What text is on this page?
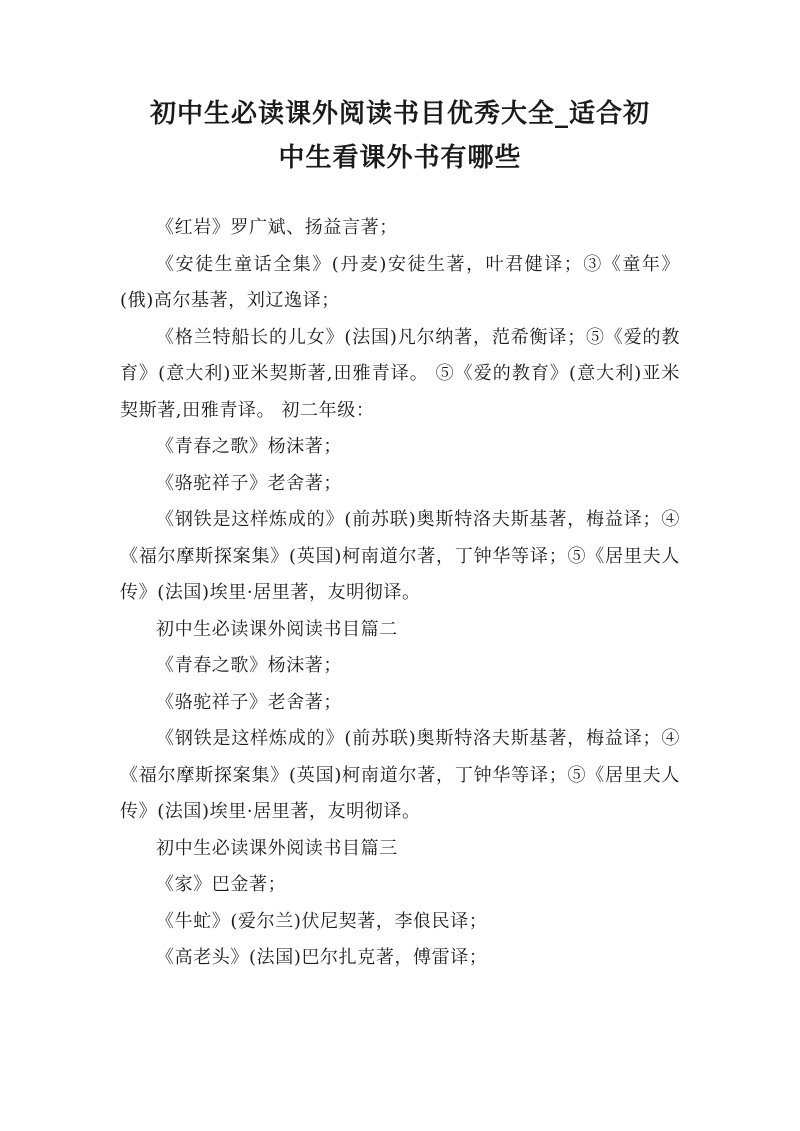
初中生必读课外阅读书目优秀大全_适合初
中生看课外书有哪些

《红岩》罗广斌、扬益言著；

《安徒生童话全集》(丹麦)安徒生著，叶君健译；③《童年》(俄)高尔基著，刘辽逸译；

《格兰特船长的儿女》(法国)凡尔纳著，范希衡译；⑤《爱的教育》(意大利)亚米契斯著,田雅青译。 ⑤《爱的教育》(意大利)亚米契斯著,田雅青译。 初二年级：

《青春之歌》杨沫著；

《骆驼祥子》老舍著；

《钢铁是这样炼成的》(前苏联)奥斯特洛夫斯基著，梅益译；④《福尔摩斯探案集》(英国)柯南道尔著，丁钟华等译；⑤《居里夫人传》(法国)埃里·居里著，友明彻译。

初中生必读课外阅读书目篇二

《青春之歌》杨沫著；

《骆驼祥子》老舍著；

《钢铁是这样炼成的》(前苏联)奥斯特洛夫斯基著，梅益译；④《福尔摩斯探案集》(英国)柯南道尔著，丁钟华等译；⑤《居里夫人传》(法国)埃里·居里著，友明彻译。

初中生必读课外阅读书目篇三

《家》巴金著；

《牛虻》(爱尔兰)伏尼契著，李俍民译；

《高老头》(法国)巴尔扎克著，傅雷译；
